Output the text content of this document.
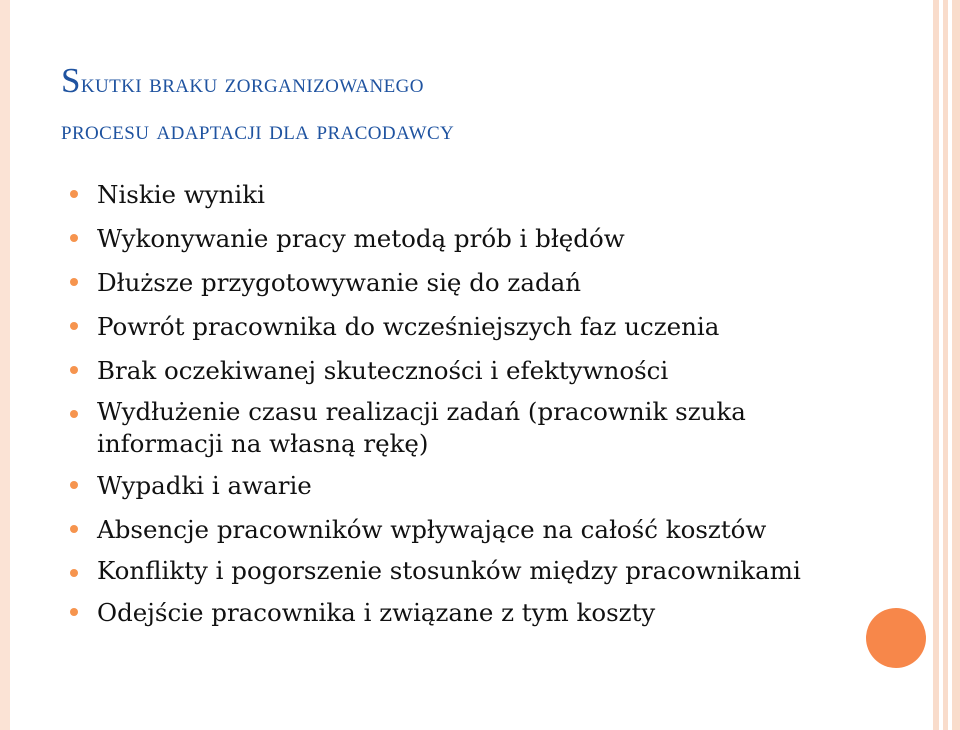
Skutki braku zorganizowanego
procesu adaptacji dla pracodawcy
Niskie wyniki
Wykonywanie pracy metodą prób i błędów
Dłuższe przygotowywanie się do zadań
Powrót pracownika do wcześniejszych faz uczenia
Brak oczekiwanej skuteczności i efektywności
Wydłużenie czasu realizacji zadań (pracownik szuka informacji na własną rękę)
Wypadki i awarie
Absencje pracowników wpływające na całość kosztów
Konflikty i pogorszenie stosunków między pracownikami
Odejście pracownika i związane z tym koszty
